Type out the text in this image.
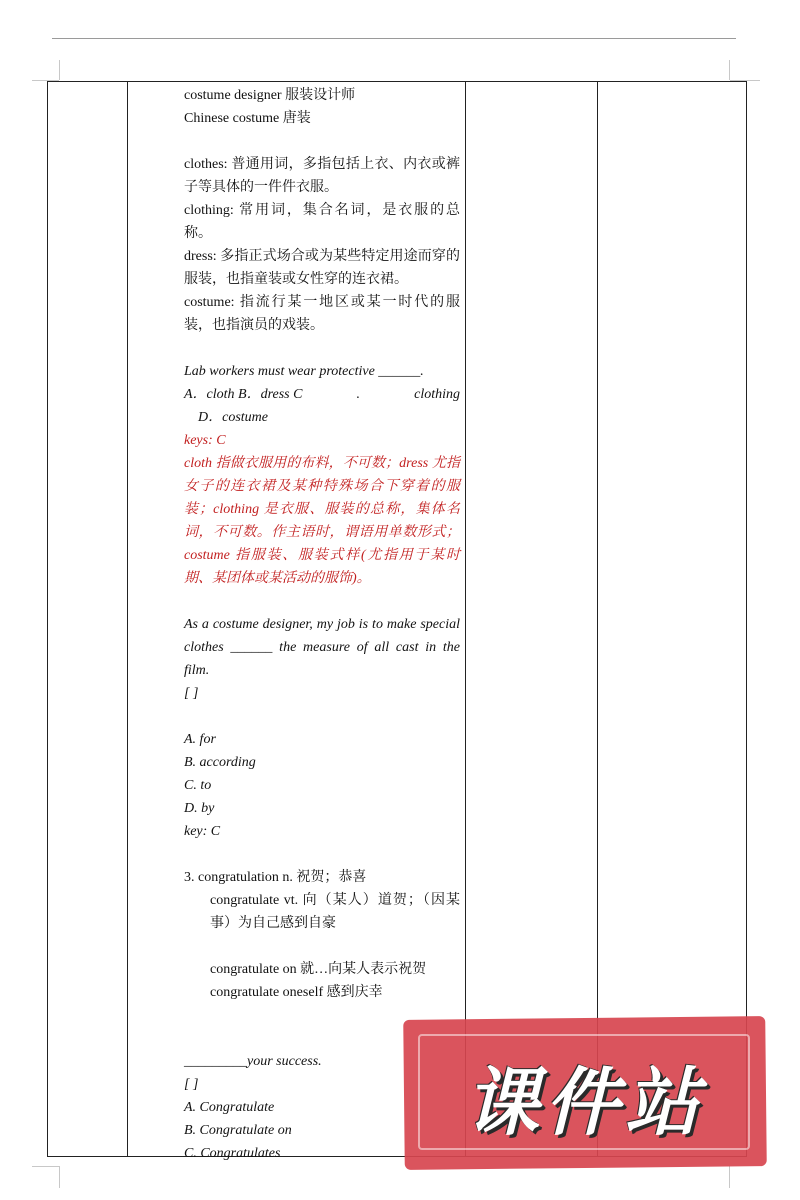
costume designer 服装设计师
Chinese costume 唐装
clothes: 普通用词，多指包括上衣、内衣或裤子等具体的一件件衣服。
clothing: 常用词，集合名词，是衣服的总称。
dress: 多指正式场合或为某些特定用途而穿的服装，也指童装或女性穿的连衣裙。
costume: 指流行某一地区或某一时代的服装，也指演员的戏装。
Lab workers must wear protective ______.
A．cloth B．dress C	.	clothing
D．costume
keys: C
cloth 指做衣服用的布料，不可数；dress 尤指女子的连衣裙及某种特殊场合下穿着的服装；clothing 是衣服、服装的总称，集体名词，不可数。作主语时，谓语用单数形式；costume 指服装、服装式样(尤指用于某时期、某团体或某活动的服饰)。
As a costume designer, my job is to make special clothes ______ the measure of all cast in the film.
[ ]
A. for
B. according
C. to
D. by
key: C
3. congratulation n. 祝贺；恭喜
congratulate vt. 向（某人）道贺；（因某事）为自己感到自豪
congratulate on 就…向某人表示祝贺
congratulate oneself 感到庆幸
_________your success.
[ ]
A. Congratulate
B. Congratulate on
C. Congratulates
课件站
